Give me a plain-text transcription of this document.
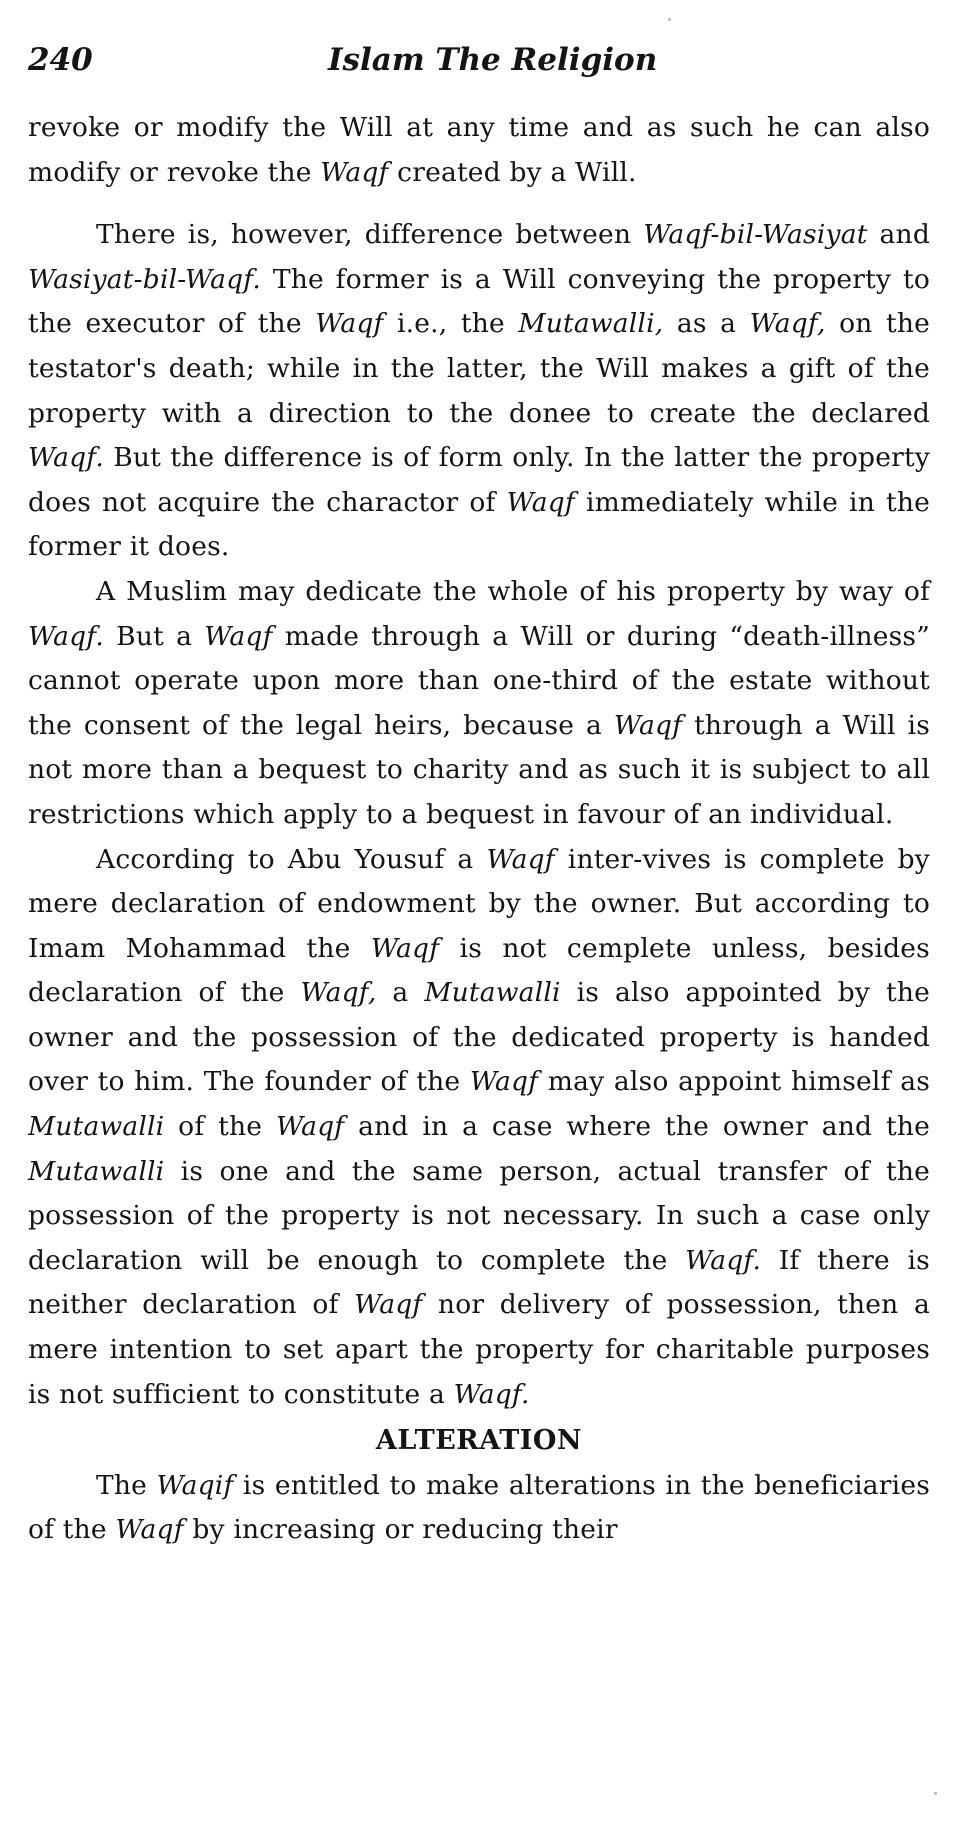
240	Islam The Religion

revoke or modify the Will at any time and as such he can also modify or revoke the Waqf created by a Will.

There is, however, difference between Waqf-bil-Wasiyat and Wasiyat-bil-Waqf. The former is a Will conveying the property to the executor of the Waqf i.e., the Mutawalli, as a Waqf, on the testator's death; while in the latter, the Will makes a gift of the property with a direction to the donee to create the declared Waqf. But the difference is of form only. In the latter the property does not acquire the charactor of Waqf immediately while in the former it does.

A Muslim may dedicate the whole of his property by way of Waqf. But a Waqf made through a Will or during “death-illness” cannot operate upon more than one-third of the estate without the consent of the legal heirs, because a Waqf through a Will is not more than a bequest to charity and as such it is subject to all restrictions which apply to a bequest in favour of an individual.

According to Abu Yousuf a Waqf inter-vives is complete by mere declaration of endowment by the owner. But according to Imam Mohammad the Waqf is not cemplete unless, besides declaration of the Waqf, a Mutawalli is also appointed by the owner and the possession of the dedicated property is handed over to him. The founder of the Waqf may also appoint himself as Mutawalli of the Waqf and in a case where the owner and the Mutawalli is one and the same person, actual transfer of the possession of the property is not necessary. In such a case only declaration will be enough to complete the Waqf. If there is neither declaration of Waqf nor delivery of possession, then a mere intention to set apart the property for charitable purposes is not sufficient to constitute a Waqf.

ALTERATION

The Waqif is entitled to make alterations in the beneficiaries of the Waqf by increasing or reducing their
